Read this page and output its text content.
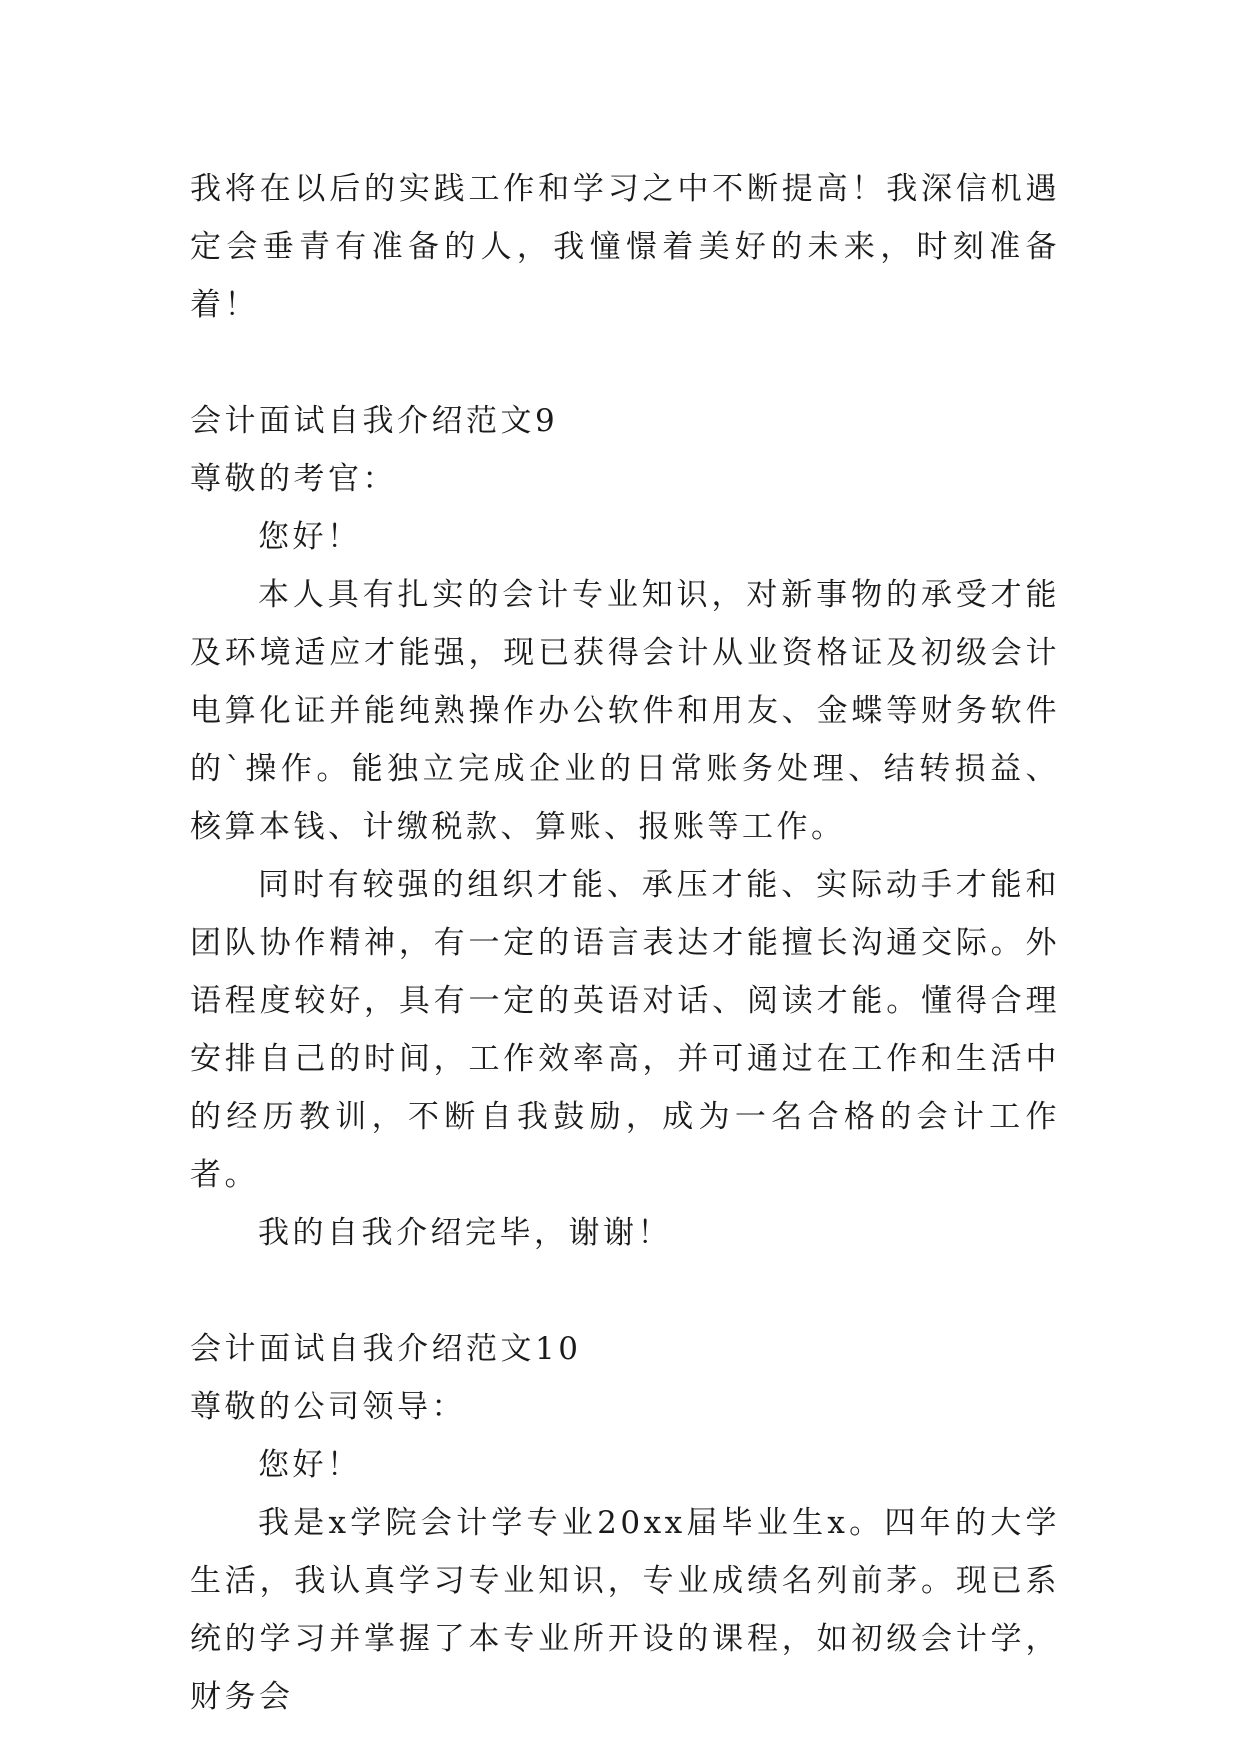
我将在以后的实践工作和学习之中不断提高！我深信机遇定会垂青有准备的人，我憧憬着美好的未来，时刻准备着！

会计面试自我介绍范文9

尊敬的考官：

您好！

本人具有扎实的会计专业知识，对新事物的承受才能及环境适应才能强，现已获得会计从业资格证及初级会计电算化证并能纯熟操作办公软件和用友、金蝶等财务软件的`操作。能独立完成企业的日常账务处理、结转损益、核算本钱、计缴税款、算账、报账等工作。

同时有较强的组织才能、承压才能、实际动手才能和团队协作精神，有一定的语言表达才能擅长沟通交际。外语程度较好，具有一定的英语对话、阅读才能。懂得合理安排自己的时间，工作效率高，并可通过在工作和生活中的经历教训，不断自我鼓励，成为一名合格的会计工作者。

我的自我介绍完毕，谢谢！

会计面试自我介绍范文10

尊敬的公司领导：

您好！

我是x学院会计学专业20xx届毕业生x。四年的大学生活，我认真学习专业知识，专业成绩名列前茅。现已系统的学习并掌握了本专业所开设的课程，如初级会计学，财务会
